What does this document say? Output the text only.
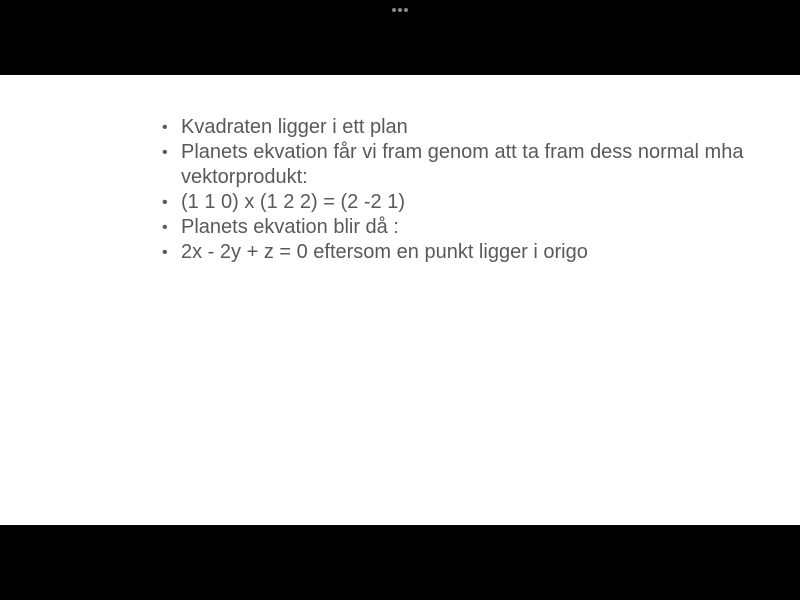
• Kvadraten ligger i ett plan
• Planets ekvation får vi fram genom att ta fram dess normal mha vektorprodukt:
• (1 1 0) x (1 2 2) = (2 -2 1)
• Planets ekvation blir då :
• 2x - 2y + z = 0 eftersom en punkt ligger i origo
